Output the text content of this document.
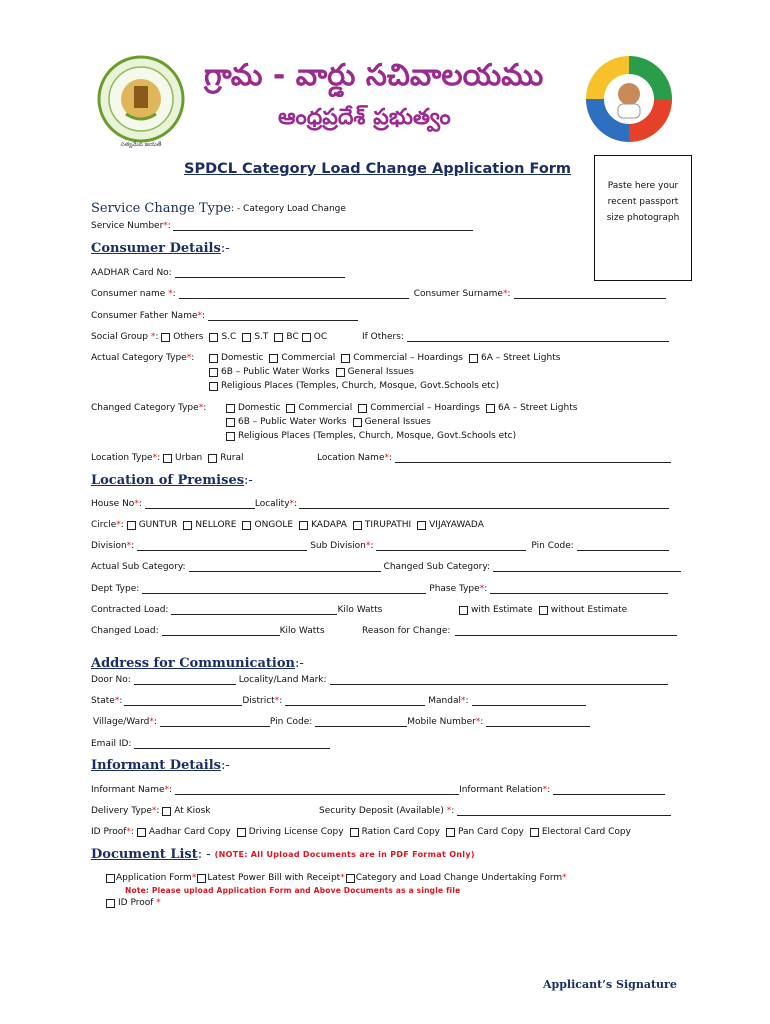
సత్యమేవ జయతే
గ్రామ - వార్డు సచివాలయము
ఆంధ్రప్రదేశ్ ప్రభుత్వం
SPDCL Category Load Change Application Form
Paste here your
recent passport
size photograph
Service Change Type : - Category Load Change
Service Number * :
Consumer Details :-
AADHAR Card No:
Consumer name * :	Consumer Surname * :
Consumer Father Name * :
Social Group * : Others S.C S.T BC OC	If Others:
Actual Category Type * :	Domestic Commercial Commercial – Hoardings 6A – Street Lights
6B – Public Water Works General Issues
Religious Places (Temples, Church, Mosque, Govt.Schools etc)
Changed Category Type * :	Domestic Commercial Commercial – Hoardings 6A – Street Lights
6B – Public Water Works General Issues
Religious Places (Temples, Church, Mosque, Govt.Schools etc)
Location Type * : Urban Rural	Location Name * :
Location of Premises :-
House No * :	Locality * :
Circle * : GUNTUR NELLORE ONGOLE KADAPA TIRUPATHI VIJAYAWADA
Division * :	Sub Division * :	Pin Code:
Actual Sub Category:	Changed Sub Category:
Dept Type:	Phase Type * :
Contracted Load:	Kilo Watts	with Estimate without Estimate
Changed Load:	Kilo Watts	Reason for Change:
Address for Communication :-
Door No:	Locality/Land Mark:
State * :	District * :	Mandal * :
Village/Ward * :	Pin Code:	Mobile Number * :
Email ID:
Informant Details :-
Informant Name * :	Informant Relation * :
Delivery Type * : At Kiosk	Security Deposit (Available) * :
ID Proof * : Aadhar Card Copy Driving License Copy Ration Card Copy Pan Card Copy Electoral Card Copy
Document List : - (NOTE: All Upload Documents are in PDF Format Only)
Application Form * Latest Power Bill with Receipt * Category and Load Change Undertaking Form *
Note: Please upload Application Form and Above Documents as a single file
ID Proof *
Applicant’s Signature
